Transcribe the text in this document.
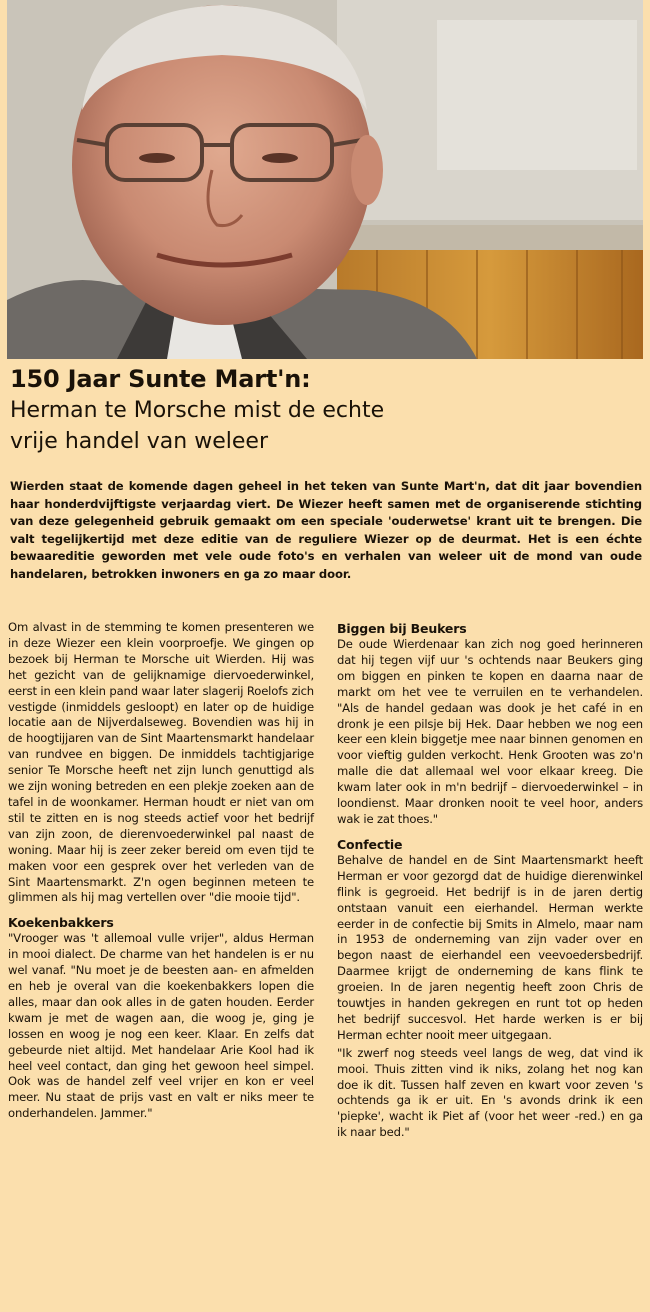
150 Jaar Sunte Mart'n:
Herman te Morsche mist de echte
vrije handel van weleer

Wierden staat de komende dagen geheel in het teken van Sunte Mart'n, dat dit jaar bovendien haar honderdvijftigste verjaardag viert. De Wiezer heeft samen met de organiserende stichting van deze gelegenheid gebruik gemaakt om een speciale 'ouderwetse' krant uit te brengen. Die valt tegelijkertijd met deze editie van de reguliere Wiezer op de deurmat. Het is een échte bewaareditie geworden met vele oude foto's en verhalen van weleer uit de mond van oude handelaren, betrokken inwoners en ga zo maar door.

Om alvast in de stemming te komen presenteren we in deze Wiezer een klein voorproefje. We gingen op bezoek bij Herman te Morsche uit Wierden. Hij was het gezicht van de gelijknamige diervoederwinkel, eerst in een klein pand waar later slagerij Roelofs zich vestigde (inmiddels gesloopt) en later op de huidige locatie aan de Nijverdalseweg. Bovendien was hij in de hoogtijjaren van de Sint Maartensmarkt handelaar van rundvee en biggen. De inmiddels tachtigjarige senior Te Morsche heeft net zijn lunch genuttigd als we zijn woning betreden en een plekje zoeken aan de tafel in de woonkamer. Herman houdt er niet van om stil te zitten en is nog steeds actief voor het bedrijf van zijn zoon, de dierenvoederwinkel pal naast de woning. Maar hij is zeer zeker bereid om even tijd te maken voor een gesprek over het verleden van de Sint Maartensmarkt. Z'n ogen beginnen meteen te glimmen als hij mag vertellen over "die mooie tijd".

Koekenbakkers

"Vrooger was 't allemoal vulle vrijer", aldus Herman in mooi dialect. De charme van het handelen is er nu wel vanaf. "Nu moet je de beesten aan- en afmelden en heb je overal van die koekenbakkers lopen die alles, maar dan ook alles in de gaten houden. Eerder kwam je met de wagen aan, die woog je, ging je lossen en woog je nog een keer. Klaar. En zelfs dat gebeurde niet altijd. Met handelaar Arie Kool had ik heel veel contact, dan ging het gewoon heel simpel. Ook was de handel zelf veel vrijer en kon er veel meer. Nu staat de prijs vast en valt er niks meer te onderhandelen. Jammer."

Biggen bij Beukers

De oude Wierdenaar kan zich nog goed herinneren dat hij tegen vijf uur 's ochtends naar Beukers ging om biggen en pinken te kopen en daarna naar de markt om het vee te verruilen en te verhandelen. "Als de handel gedaan was dook je het café in en dronk je een pilsje bij Hek. Daar hebben we nog een keer een klein biggetje mee naar binnen genomen en voor vieftig gulden verkocht. Henk Grooten was zo'n malle die dat allemaal wel voor elkaar kreeg. Die kwam later ook in m'n bedrijf – diervoederwinkel – in loondienst. Maar dronken nooit te veel hoor, anders wak ie zat thoes."

Confectie

Behalve de handel en de Sint Maartensmarkt heeft Herman er voor gezorgd dat de huidige dierenwinkel flink is gegroeid. Het bedrijf is in de jaren dertig ontstaan vanuit een eierhandel. Herman werkte eerder in de confectie bij Smits in Almelo, maar nam in 1953 de onderneming van zijn vader over en begon naast de eierhandel een veevoedersbedrijf. Daarmee krijgt de onderneming de kans flink te groeien. In de jaren negentig heeft zoon Chris de touwtjes in handen gekregen en runt tot op heden het bedrijf succesvol. Het harde werken is er bij Herman echter nooit meer uitgegaan.

"Ik zwerf nog steeds veel langs de weg, dat vind ik mooi. Thuis zitten vind ik niks, zolang het nog kan doe ik dit. Tussen half zeven en kwart voor zeven 's ochtends ga ik er uit. En 's avonds drink ik een 'piepke', wacht ik Piet af (voor het weer -red.) en ga ik naar bed."
